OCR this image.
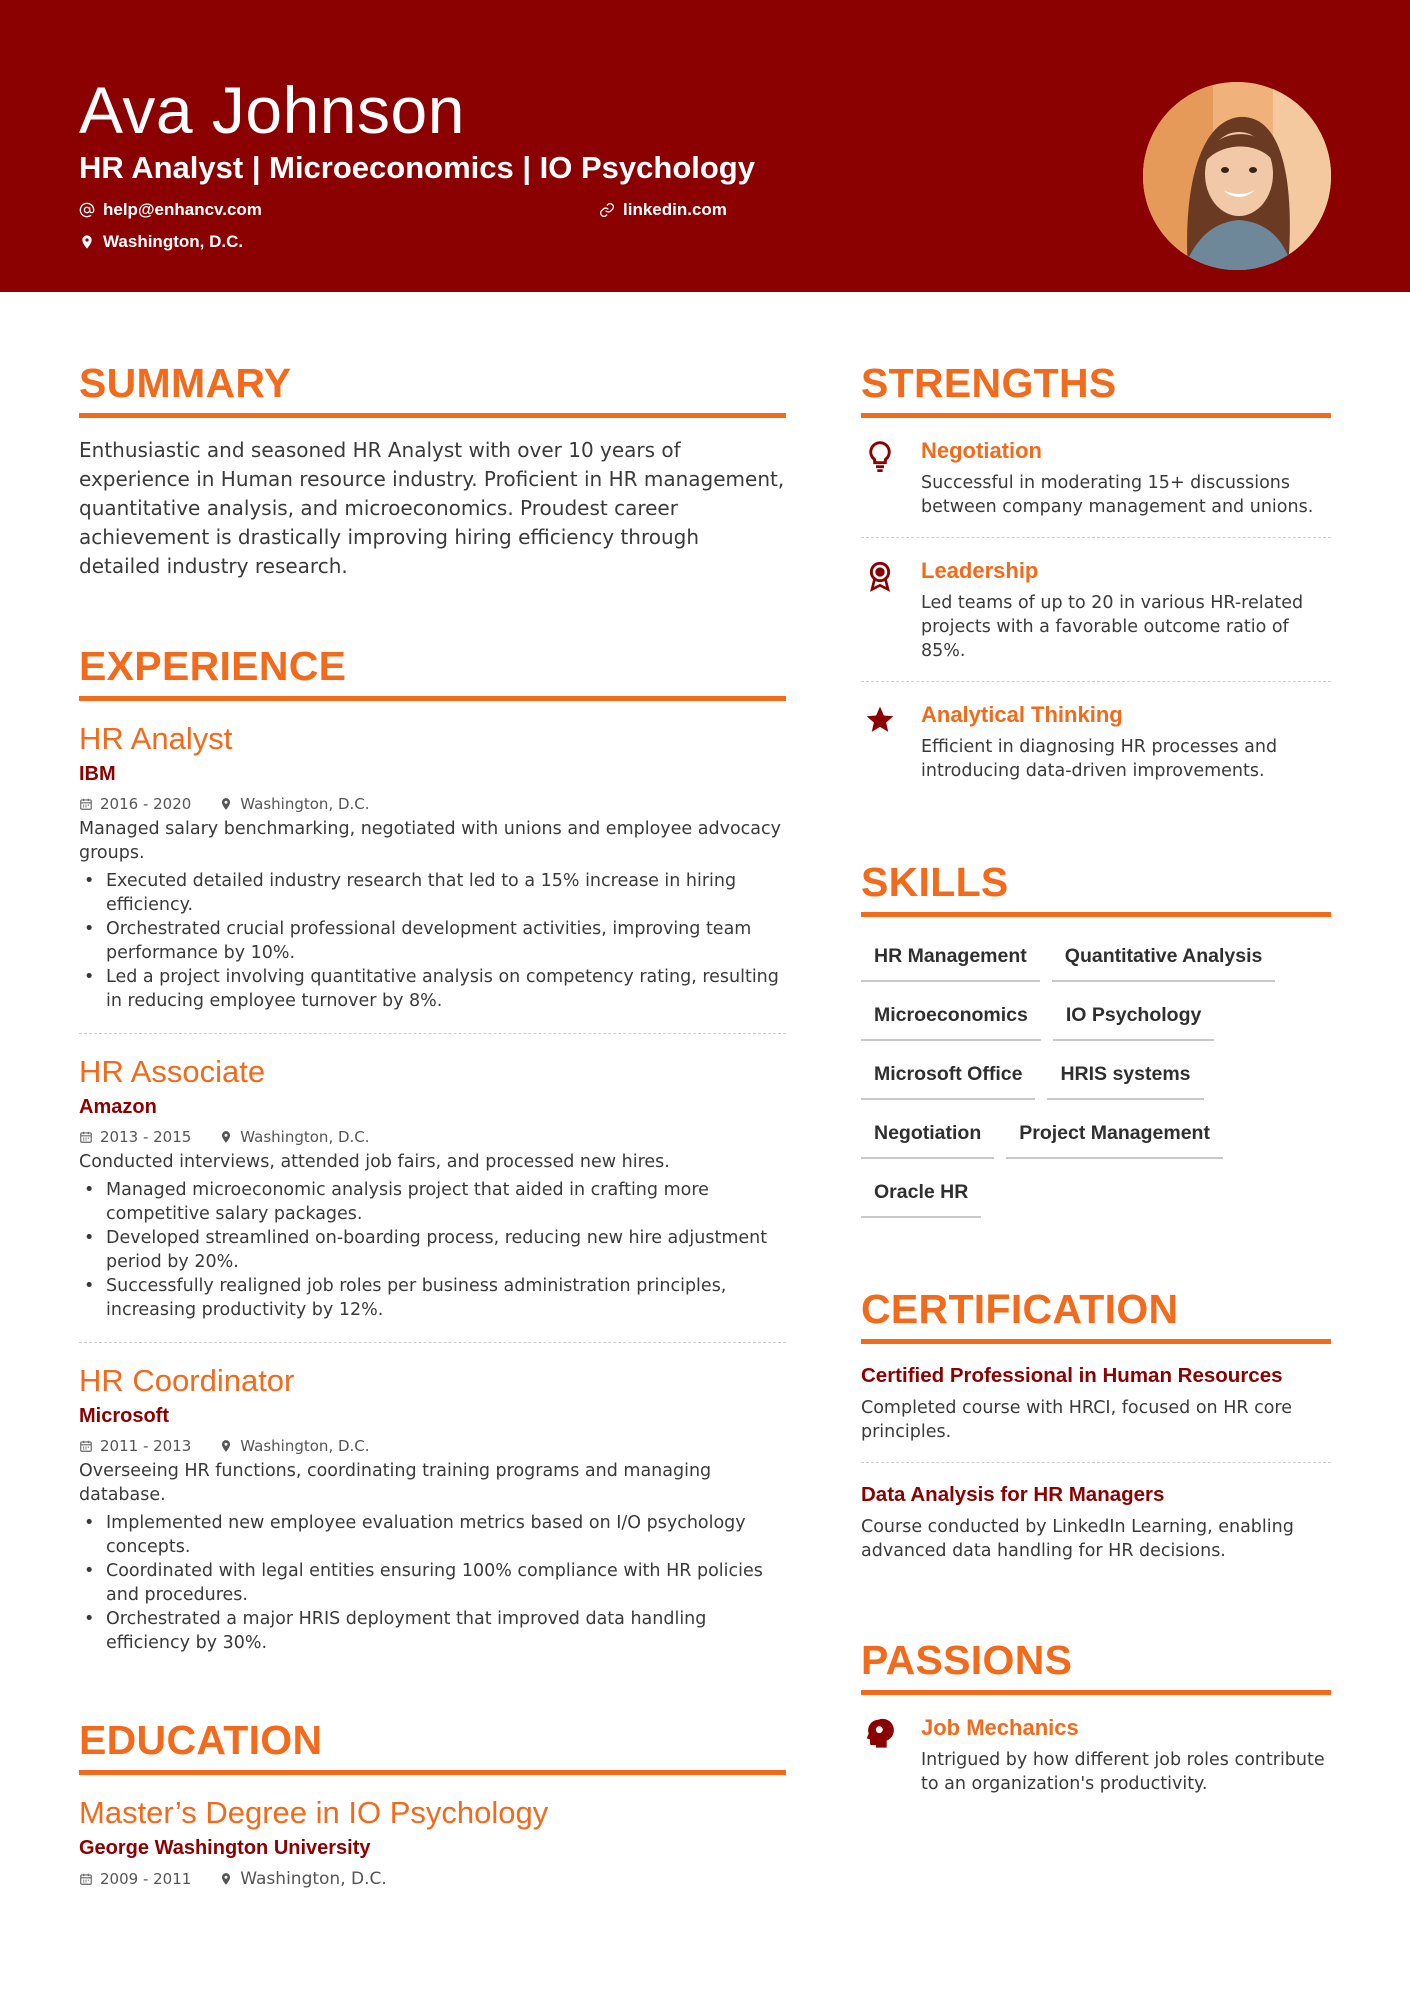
Ava Johnson
HR Analyst | Microeconomics | IO Psychology
help@enhancv.com	linkedin.com
Washington, D.C.
SUMMARY
Enthusiastic and seasoned HR Analyst with over 10 years of experience in Human resource industry. Proficient in HR management, quantitative analysis, and microeconomics. Proudest career achievement is drastically improving hiring efficiency through detailed industry research.
EXPERIENCE
HR Analyst
IBM
2016 - 2020	Washington, D.C.
Managed salary benchmarking, negotiated with unions and employee advocacy groups.
• Executed detailed industry research that led to a 15% increase in hiring efficiency.
• Orchestrated crucial professional development activities, improving team performance by 10%.
• Led a project involving quantitative analysis on competency rating, resulting in reducing employee turnover by 8%.
HR Associate
Amazon
2013 - 2015	Washington, D.C.
Conducted interviews, attended job fairs, and processed new hires.
• Managed microeconomic analysis project that aided in crafting more competitive salary packages.
• Developed streamlined on-boarding process, reducing new hire adjustment period by 20%.
• Successfully realigned job roles per business administration principles, increasing productivity by 12%.
HR Coordinator
Microsoft
2011 - 2013	Washington, D.C.
Overseeing HR functions, coordinating training programs and managing database.
• Implemented new employee evaluation metrics based on I/O psychology concepts.
• Coordinated with legal entities ensuring 100% compliance with HR policies and procedures.
• Orchestrated a major HRIS deployment that improved data handling efficiency by 30%.
EDUCATION
Master’s Degree in IO Psychology
George Washington University
2009 - 2011	Washington, D.C.
STRENGTHS
Negotiation
Successful in moderating 15+ discussions between company management and unions.
Leadership
Led teams of up to 20 in various HR-related projects with a favorable outcome ratio of 85%.
Analytical Thinking
Efficient in diagnosing HR processes and introducing data-driven improvements.
SKILLS
HR Management	Quantitative Analysis
Microeconomics	IO Psychology
Microsoft Office	HRIS systems
Negotiation	Project Management
Oracle HR
CERTIFICATION
Certified Professional in Human Resources
Completed course with HRCI, focused on HR core principles.
Data Analysis for HR Managers
Course conducted by LinkedIn Learning, enabling advanced data handling for HR decisions.
PASSIONS
Job Mechanics
Intrigued by how different job roles contribute to an organization's productivity.
